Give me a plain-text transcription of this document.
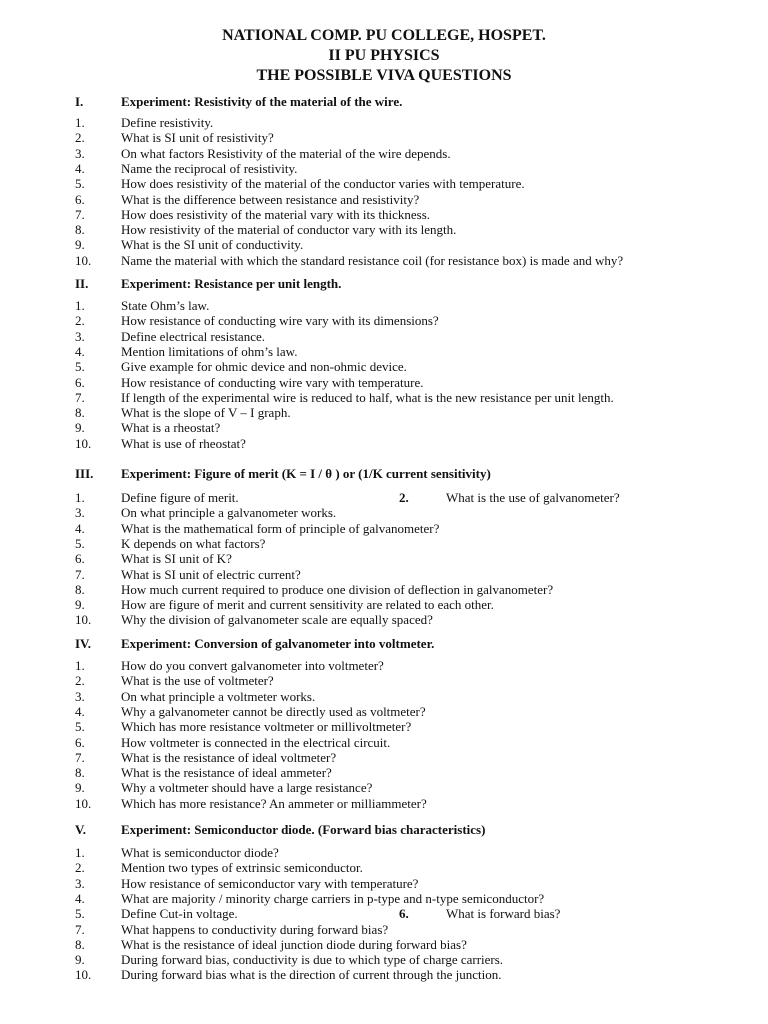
NATIONAL COMP. PU COLLEGE, HOSPET.
II PU PHYSICS
THE POSSIBLE VIVA QUESTIONS
I.	Experiment: Resistivity of the material of the wire.
1.	Define resistivity.
2.	What is SI unit of resistivity?
3.	On what factors Resistivity of the material of the wire depends.
4.	Name the reciprocal of resistivity.
5.	How does resistivity of the material of the conductor varies with temperature.
6.	What is the difference between resistance and resistivity?
7.	How does resistivity of the material vary with its thickness.
8.	How resistivity of the material of conductor vary with its length.
9.	What is the SI unit of conductivity.
10. Name the material with which the standard resistance coil (for resistance box) is made and why?
II.	Experiment: Resistance per unit length.
1.	State Ohm’s law.
2.	How resistance of conducting wire vary with its dimensions?
3.	Define electrical resistance.
4.	Mention limitations of ohm’s law.
5.	Give example for ohmic device and non-ohmic device.
6.	How resistance of conducting wire vary with temperature.
7.	If length of the experimental wire is reduced to half, what is the new resistance per unit length.
8.	What is the slope of V – I graph.
9.	What is a rheostat?
10. What is use of rheostat?
III. Experiment: Figure of merit (K = I / θ ) or (1/K current sensitivity)
1.	Define figure of merit.	2.	What is the use of galvanometer?
3.	On what principle a galvanometer works.
4.	What is the mathematical form of principle of galvanometer?
5.	K depends on what factors?
6.	What is SI unit of K?
7.	What is SI unit of electric current?
8.	How much current required to produce one division of deflection in galvanometer?
9.	How are figure of merit and current sensitivity are related to each other.
10. Why the division of galvanometer scale are equally spaced?
IV. Experiment: Conversion of galvanometer into voltmeter.
1.	How do you convert galvanometer into voltmeter?
2.	What is the use of voltmeter?
3.	On what principle a voltmeter works.
4.	Why a galvanometer cannot be directly used as voltmeter?
5.	Which has more resistance voltmeter or millivoltmeter?
6.	How voltmeter is connected in the electrical circuit.
7.	What is the resistance of ideal voltmeter?
8.	What is the resistance of ideal ammeter?
9.	Why a voltmeter should have a large resistance?
10. Which has more resistance? An ammeter or milliammeter?
V.	Experiment: Semiconductor diode. (Forward bias characteristics)
1.	What is semiconductor diode?
2.	Mention two types of extrinsic semiconductor.
3.	How resistance of semiconductor vary with temperature?
4.	What are majority / minority charge carriers in p-type and n-type semiconductor?
5.	Define Cut-in voltage.	6.	What is forward bias?
7.	What happens to conductivity during forward bias?
8.	What is the resistance of ideal junction diode during forward bias?
9.	During forward bias, conductivity is due to which type of charge carriers.
10. During forward bias what is the direction of current through the junction.
